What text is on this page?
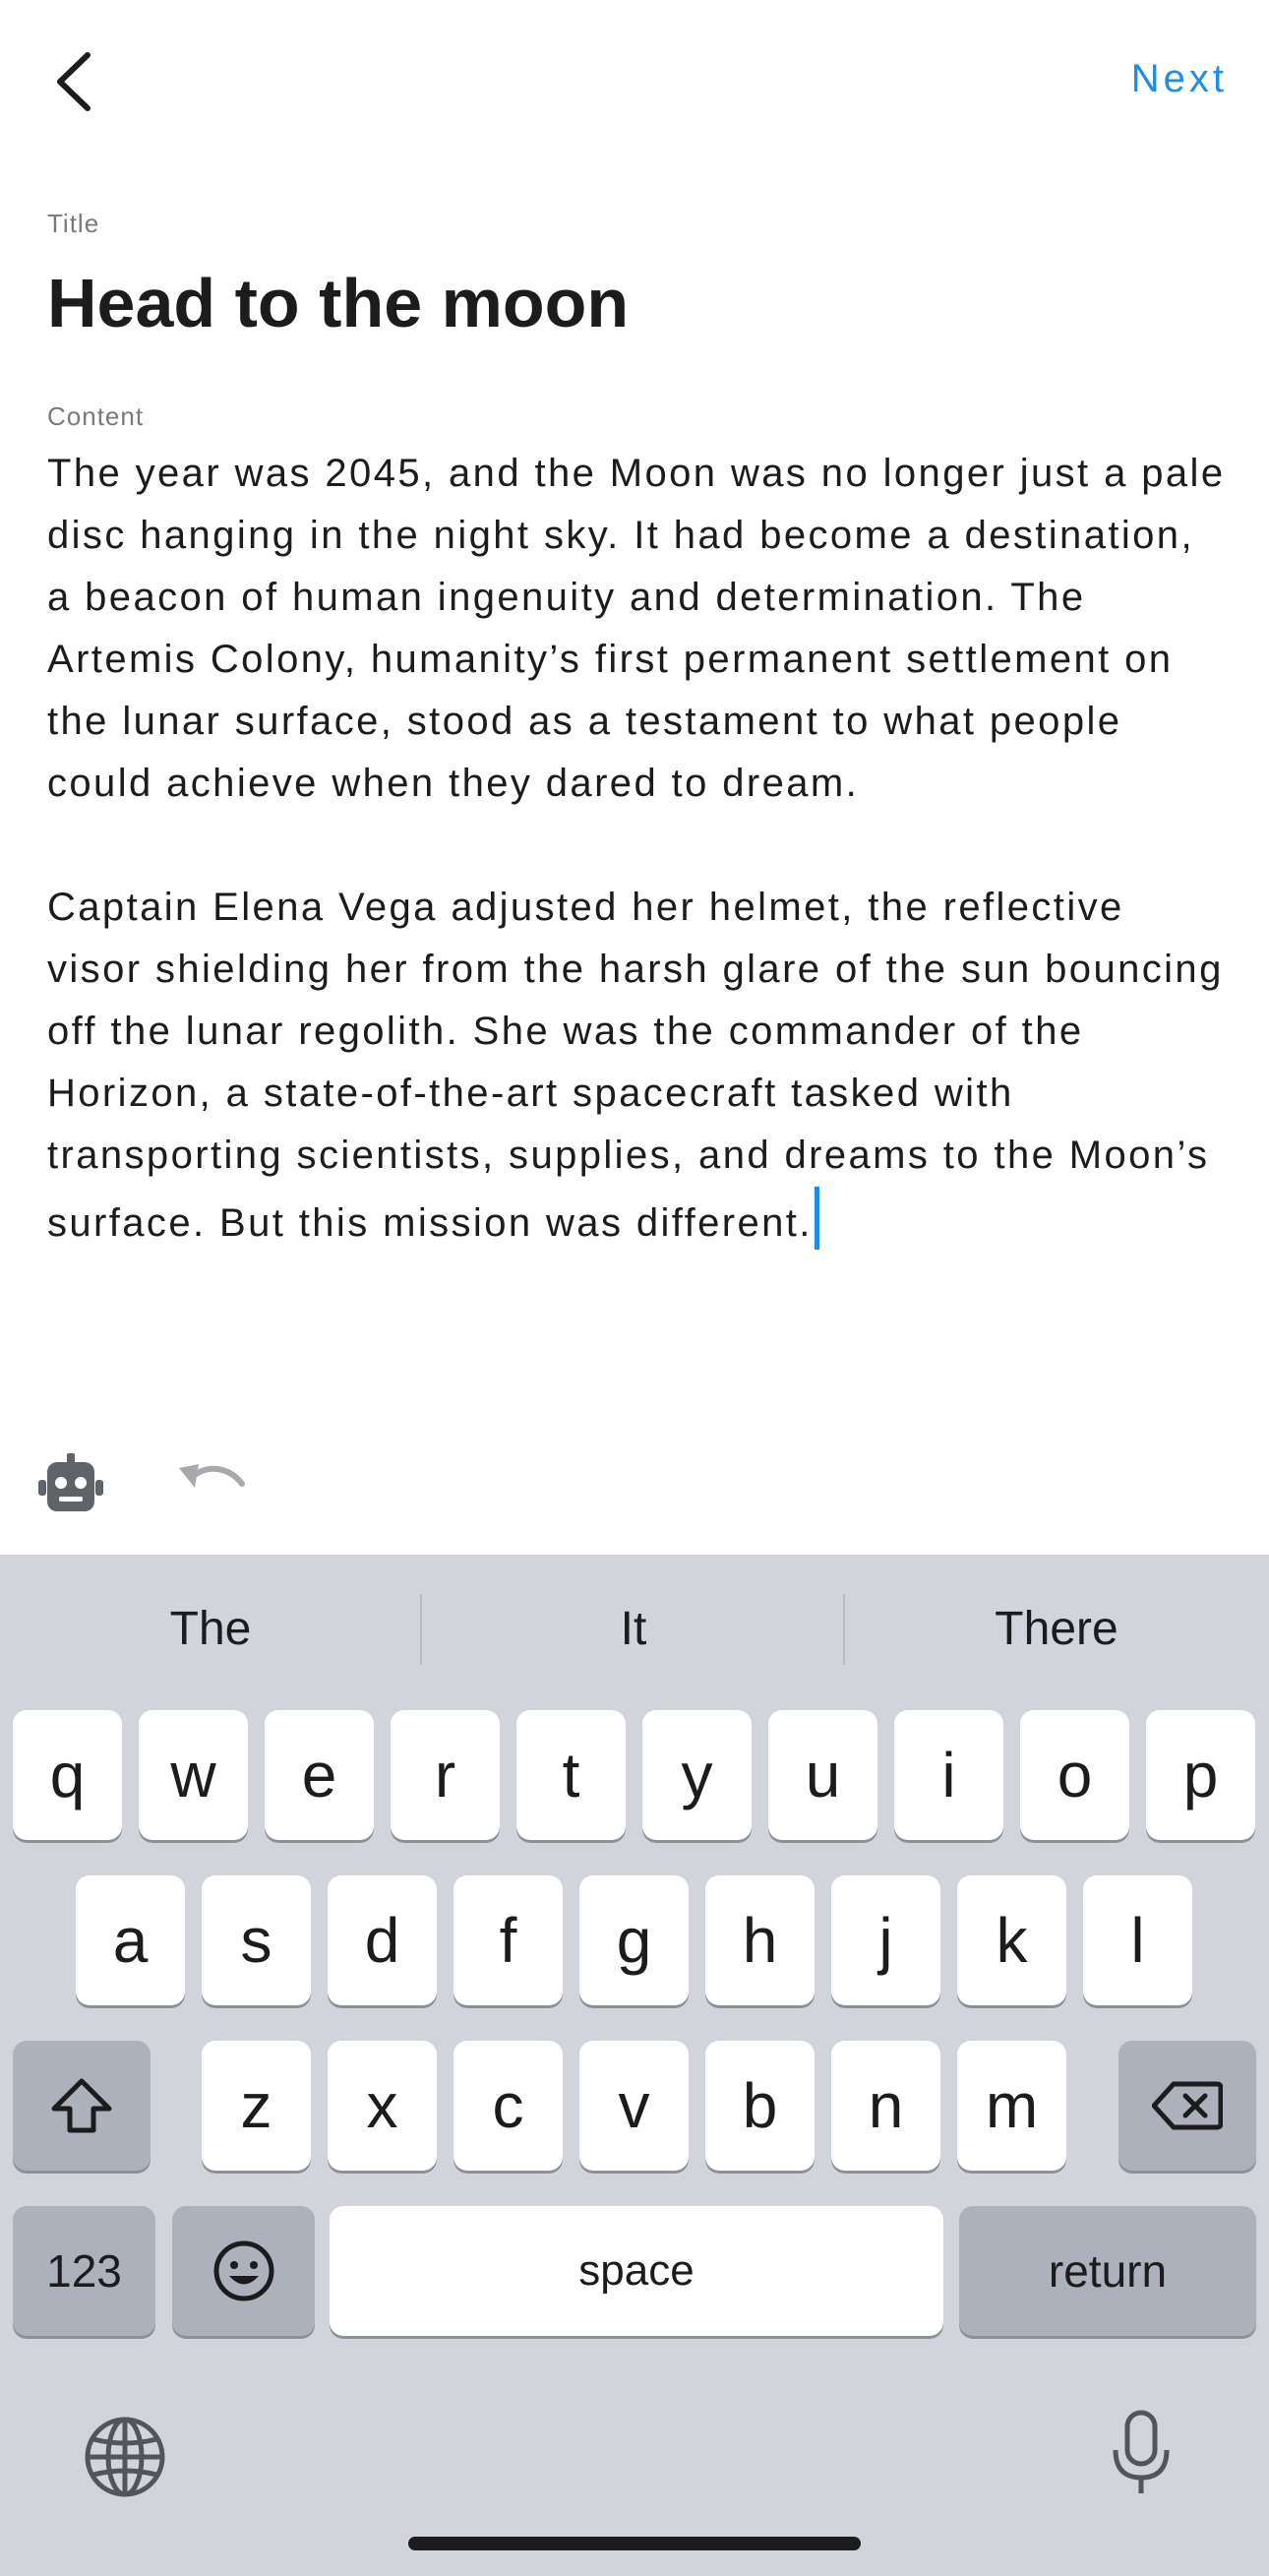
Next
Title
Head to the moon
Content

The year was 2045, and the Moon was no longer just a pale disc hanging in the night sky. It had become a destination, a beacon of human ingenuity and determination. The Artemis Colony, humanity’s first permanent settlement on the lunar surface, stood as a testament to what people could achieve when they dared to dream.

Captain Elena Vega adjusted her helmet, the reflective visor shielding her from the harsh glare of the sun bouncing off the lunar regolith. She was the commander of the Horizon, a state-of-the-art spacecraft tasked with transporting scientists, supplies, and dreams to the Moon’s surface. But this mission was different.

The	It	There
q	w	e	r	t	y	u	i	o	p
a	s	d	f	g	h	j	k	l
z	x	c	v	b	n	m
123	space	return
